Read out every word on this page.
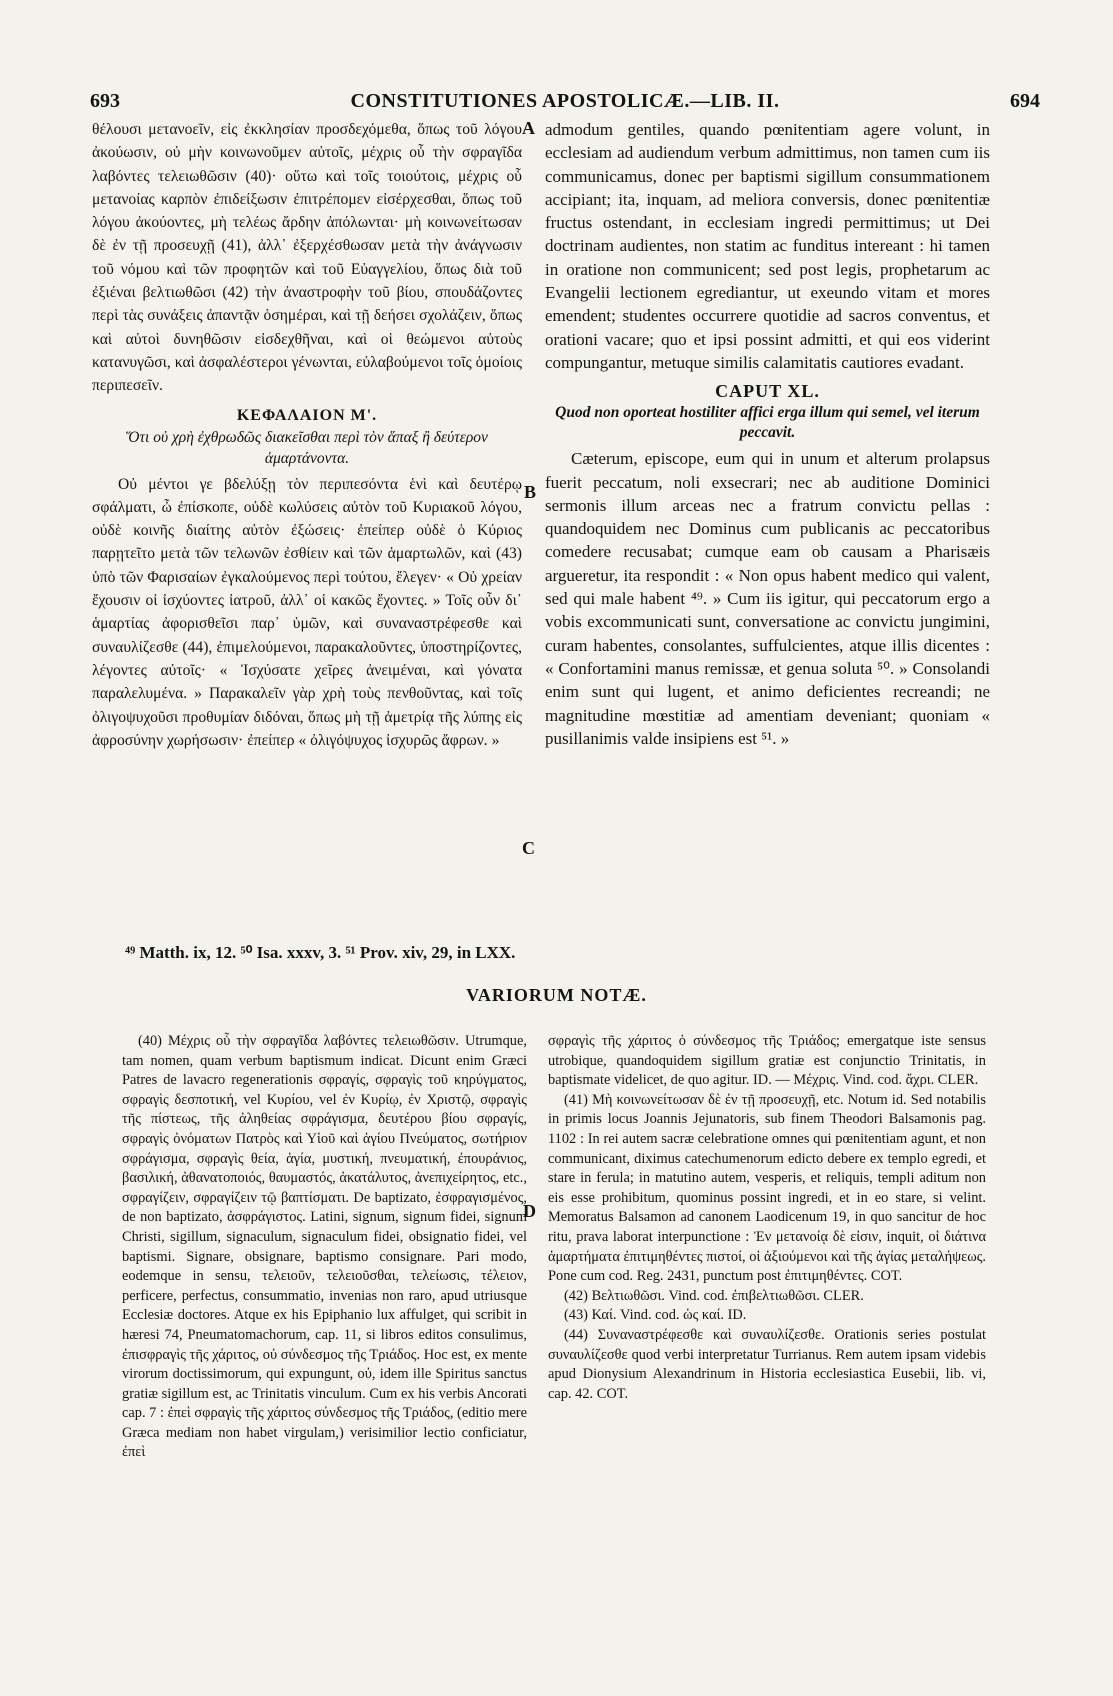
693	CONSTITUTIONES APOSTOLICÆ.—LIB. II.	694

θέλουσι μετανοεῖν, εἰς ἐκκλησίαν προσδεχόμεθα, ὅπως τοῦ λόγου ἀκούωσιν, οὐ μὴν κοινωνοῦμεν αὐτοῖς, μέχρις οὗ τὴν σφραγῖδα λαβόντες τελειωθῶσιν (40)· οὕτω καὶ τοῖς τοιούτοις, μέχρις οὗ μετανοίας καρπὸν ἐπιδείξωσιν ἐπιτρέπομεν εἰσέρχεσθαι, ὅπως τοῦ λόγου ἀκούοντες, μὴ τελέως ἄρδην ἀπόλωνται· μὴ κοινωνείτωσαν δὲ ἐν τῇ προσευχῇ (41), ἀλλ᾽ ἐξερχέσθωσαν μετὰ τὴν ἀνάγνωσιν τοῦ νόμου καὶ τῶν προφητῶν καὶ τοῦ Εὐαγγελίου, ὅπως διὰ τοῦ ἐξιέναι βελτιωθῶσι (42) τὴν ἀναστροφὴν τοῦ βίου, σπουδάζοντες περὶ τὰς συνάξεις ἀπαντᾷν ὁσημέραι, καὶ τῇ δεήσει σχολάζειν, ὅπως καὶ αὐτοὶ δυνηθῶσιν εἰσδεχθῆναι, καὶ οἱ θεώμενοι αὐτοὺς κατανυγῶσι, καὶ ἀσφαλέστεροι γένωνται, εὐλαβούμενοι τοῖς ὁμοίοις περιπεσεῖν.

ΚΕΦΑΛΑΙΟΝ Μ'.
Ὅτι οὐ χρὴ ἐχθρωδῶς διακεῖσθαι περὶ τὸν ἅπαξ ἢ δεύτερον ἁμαρτάνοντα.

Οὐ μέντοι γε βδελύξῃ τὸν περιπεσόντα ἑνὶ καὶ δευτέρῳ σφάλματι, ὦ ἐπίσκοπε, οὐδὲ κωλύσεις αὐτὸν τοῦ Κυριακοῦ λόγου, οὐδὲ κοινῆς διαίτης αὐτὸν ἐξώσεις· ἐπείπερ οὐδὲ ὁ Κύριος παρῃτεῖτο μετὰ τῶν τελωνῶν ἐσθίειν καὶ τῶν ἁμαρτωλῶν, καὶ (43) ὑπὸ τῶν Φαρισαίων ἐγκαλούμενος περὶ τούτου, ἔλεγεν· « Οὐ χρείαν ἔχουσιν οἱ ἰσχύοντες ἰατροῦ, ἀλλ᾽ οἱ κακῶς ἔχοντες. » Τοῖς οὖν δι᾽ ἁμαρτίας ἀφορισθεῖσι παρ᾽ ὑμῶν, καὶ συναναστρέφεσθε καὶ συναυλίζεσθε (44), ἐπιμελούμενοι, παρακαλοῦντες, ὑποστηρίζοντες, λέγοντες αὐτοῖς· « Ἰσχύσατε χεῖρες ἀνειμέναι, καὶ γόνατα παραλελυμένα. » Παρακαλεῖν γὰρ χρὴ τοὺς πενθοῦντας, καὶ τοῖς ὀλιγοψυχοῦσι προθυμίαν διδόναι, ὅπως μὴ τῇ ἀμετρίᾳ τῆς λύπης εἰς ἀφροσύνην χωρήσωσιν· ἐπείπερ « ὀλιγόψυχος ἰσχυρῶς ἄφρων. »

admodum gentiles, quando pœnitentiam agere volunt, in ecclesiam ad audiendum verbum admittimus, non tamen cum iis communicamus, donec per baptismi sigillum consummationem accipiant; ita, inquam, ad meliora conversis, donec pœnitentiæ fructus ostendant, in ecclesiam ingredi permittimus; ut Dei doctrinam audientes, non statim ac funditus intereant : hi tamen in oratione non communicent; sed post legis, prophetarum ac Evangelii lectionem egrediantur, ut exeundo vitam et mores emendent; studentes occurrere quotidie ad sacros conventus, et orationi vacare; quo et ipsi possint admitti, et qui eos viderint compungantur, metuque similis calamitatis cautiores evadant.

CAPUT XL.
Quod non oporteat hostiliter affici erga illum qui semel, vel iterum peccavit.

Cæterum, episcope, eum qui in unum et alterum prolapsus fuerit peccatum, noli exsecrari; nec ab auditione Dominici sermonis illum arceas nec a fratrum convictu pellas : quandoquidem nec Dominus cum publicanis ac peccatoribus comedere recusabat; cumque eam ob causam a Pharisæis argueretur, ita respondit : « Non opus habent medico qui valent, sed qui male habent ⁴⁹. » Cum iis igitur, qui peccatorum ergo a vobis excommunicati sunt, conversatione ac convictu jungimini, curam habentes, consolantes, suffulcientes, atque illis dicentes : « Confortamini manus remissæ, et genua soluta ⁵⁰. » Consolandi enim sunt qui lugent, et animo deficientes recreandi; ne magnitudine mœstitiæ ad amentiam deveniant; quoniam « pusillanimis valde insipiens est ⁵¹. »

A
B
C
D
⁴⁹ Matth. ix, 12. ⁵⁰ Isa. xxxv, 3. ⁵¹ Prov. xiv, 29, in LXX.
VARIORUM NOTÆ.

(40) Μέχρις οὗ τὴν σφραγῖδα λαβόντες τελειωθῶσιν. Utrumque, tam nomen, quam verbum baptismum indicat. Dicunt enim Græci Patres de lavacro regenerationis σφραγίς, σφραγὶς τοῦ κηρύγματος, σφραγὶς δεσποτική, vel Κυρίου, vel ἐν Κυρίῳ, ἐν Χριστῷ, σφραγὶς τῆς πίστεως, τῆς ἀληθείας σφράγισμα, δευτέρου βίου σφραγίς, σφραγὶς ὀνόματων Πατρὸς καὶ Υἱοῦ καὶ ἁγίου Πνεύματος, σωτήριον σφράγισμα, σφραγὶς θεία, ἁγία, μυστική, πνευματική, ἐπουράνιος, βασιλική, ἀθανατοποιός, θαυμαστός, ἀκατάλυτος, ἀνεπιχείρητος, etc., σφραγίζειν, σφραγίζειν τῷ βαπτίσματι. De baptizato, ἐσφραγισμένος, de non baptizato, ἀσφράγιστος. Latini, signum, signum fidei, signum Christi, sigillum, signaculum, signaculum fidei, obsignatio fidei, vel baptismi. Signare, obsignare, baptismo consignare. Pari modo, eodemque in sensu, τελειοῦν, τελειοῦσθαι, τελείωσις, τέλειον, perficere, perfectus, consummatio, invenias non raro, apud utriusque Ecclesiæ doctores. Atque ex his Epiphanio lux affulget, qui scribit in hæresi 74, Pneumatomachorum, cap. 11, si libros editos consulimus, ἐπισφραγὶς τῆς χάριτος, οὐ σύνδεσμος τῆς Τριάδος. Hoc est, ex mente virorum doctissimorum, qui expungunt, οὐ, idem ille Spiritus sanctus gratiæ sigillum est, ac Trinitatis vinculum. Cum ex his verbis Ancorati cap. 7 : ἐπεὶ σφραγὶς τῆς χάριτος σύνδεσμος τῆς Τριάδος, (editio mere Græca mediam non habet virgulam,) verisimilior lectio conficiatur, ἐπεὶ

σφραγὶς τῆς χάριτος ὁ σύνδεσμος τῆς Τριάδος; emergatque iste sensus utrobique, quandoquidem sigillum gratiæ est conjunctio Trinitatis, in baptismate videlicet, de quo agitur. ID. — Μέχρις. Vind. cod. ἄχρι. CLER.

(41) Μὴ κοινωνείτωσαν δὲ ἐν τῇ προσευχῇ, etc. Notum id. Sed notabilis in primis locus Joannis Jejunatoris, sub finem Theodori Balsamonis pag. 1102 : In rei autem sacræ celebratione omnes qui pœnitentiam agunt, et non communicant, diximus catechumenorum edicto debere ex templo egredi, et stare in ferula; in matutino autem, vesperis, et reliquis, templi aditum non eis esse prohibitum, quominus possint ingredi, et in eo stare, si velint. Memoratus Balsamon ad canonem Laodicenum 19, in quo sancitur de hoc ritu, prava laborat interpunctione : Ἐν μετανοίᾳ δὲ εἰσιν, inquit, οἱ διάτινα ἁμαρτήματα ἐπιτιμηθέντες πιστοί, οἱ ἀξιούμενοι καὶ τῆς ἁγίας μεταλήψεως. Pone cum cod. Reg. 2431, punctum post ἐπιτιμηθέντες. COT.

(42) Βελτιωθῶσι. Vind. cod. ἐπιβελτιωθῶσι. CLER.

(43) Καί. Vind. cod. ὡς καί. ID.

(44) Συναναστρέφεσθε καὶ συναυλίζεσθε. Orationis series postulat συναυλίζεσθε quod verbi interpretatur Turrianus. Rem autem ipsam videbis apud Dionysium Alexandrinum in Historia ecclesiastica Eusebii, lib. vi, cap. 42. COT.
